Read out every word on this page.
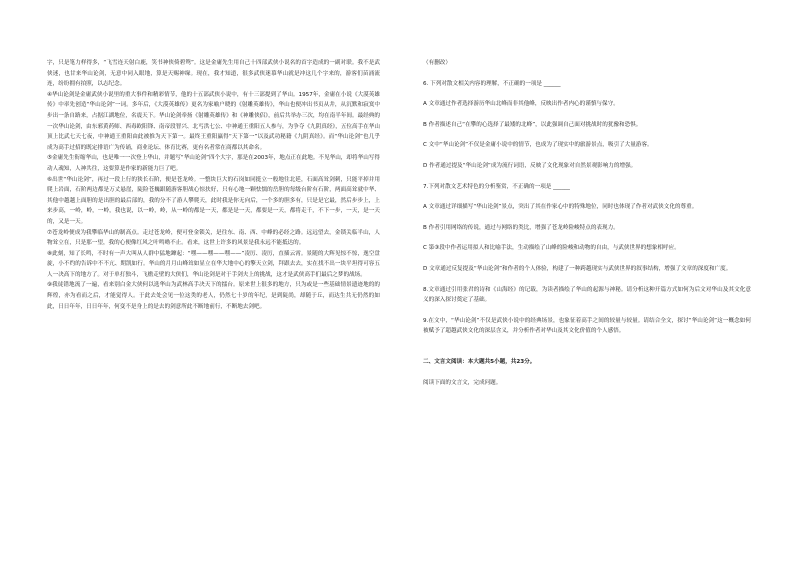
字，只是笔力样得多，“飞雪连天射白鹿，笑书神侠倚碧鸳”。这是金庸先生用自己十四部武侠小说名的首字造成的一副对联。我不是武侠迷，也甘来华山论剑，无意中同入眼地，算是天赐神缘。现在，我才知道，很多武侠迷慕华山就是冲这几个字来的，游客们苗涌流连，纷纷拥有拍照，以志纪念。

④华山论剑是金庸武侠小说里的重大事件和精彩情节，他的十五部武侠小说中，有十三部提到了华山。1957年，金庸在小说《大漠英雄传》中率先创造“华山论剑”一词。多年后，《大漠英雄传》更名为家喻户晓的《射雕英雄传》，华山也便冲出书页从井，从沉默和寂寞中步出一条自路来，占据江湖地位，名震天下。华山论剑牵扬《射雕英雄传》和《神雕侠侣》，前后共举办三次，均在南半年间。最经典的一次华山论剑，由东邪黄药师、西毒欧阳锋、南帝段智兴、北丐洪七公、中神通王重阳五人参与，为争夺《九阴真经》，五位高手在华山顶上比武七天七夜，中神通王重阳由此被推为天下第一。最终王重阳赢得“天下第一”以及武功秘籍《九阴真经》。而“华山论剑”也几乎成为高手过招的既定排语广为传诵，商业论坛、体育比赛，更有名者常在商都以其命名。

⑤金庸先生衔缩华山，也是唯一一次登上华山，并题写“华山论剑”四个大字，那是在2003年，地点正在此地。不见华山，却将华山写得动人魂知，人神共往，这要算是作家的新能力巨了吧。

⑥出世“华山论剑”，再过一段上行的狭长石阶，便是苍龙岭。一整块巨大的石岗如同挺立一般地往北延，石面高耸剑刺，只能平掉并用爬上岩面，石阶两边都是万丈悬崖，陡险苍巍跟随游客胆战心惊扶好，只有心地一颗怯懦的岳胆的每级台阶有石阶，两面高耸就中华、其他中越越上面胆的是出胆的最后部的，我的分不了游人攀爬天，此时我是你无向后，一个多的胆多有，只是是它最，然后步步上，上来步高，一岭，岭，一岭，我也说，以一岭，岭，从一岭的都是一天，都是是一天，都要是一天，都将走千，不下一步，一天，是一天的，又是一天。

⑦苍龙岭便成为我攀临华山的制高点。走过苍龙岭，便可登金锁关，是往东、南、西、中峰的必经之路。远远望去，金锁关临半山，人物耸立在，只是那一望，我的心便像红风之叶鸣呦不止。看来，这世上许多的风景是我永远不能抵达的。

⑧此刻，知了长鸣，不时有一声大叫从人群中猛地蹿起：“嘿——嘿——嘿——”凌厉、凌厉，直插云霄。景随的大辉见惊不惊，逸空盘旋，小不约的告诉中不不亢、期凯如行。华山的月月山峰耸如显立在华大地中心的擎天立剑，拜跟去去，实在找不出一块平坦得可容五人一决高下的地方了。对于单打独斗，飞檐走壁的大侠们，华山论剑是对于手剑夫上的挑战，这才是武侠高手们最后之梦的战场。

⑨我徒错地流了一遍，看来别白金大侠何以选华山为武林高手决天下的擂台。原来世上很多的地方，只为或是一些基础情景遗迹地的的辉煌，亦为看而之后，才能觉得人。于此去处会见一位这类的老人，仍然七十岁的年纪，是到陡尚，却随于丘，而达生共无仍然的如此，日日年年，日日年年，何变不是身上的是去的剑意所此不断地前行，不断地去剑吧。

（有删改）

6. 下列对散文相关内容的理解，不正确的一项是 ______

A 文章通过作者选择游历华山北峰而非其他峰，反映出作者内心的谨慎与保守。

B 作者描述自己“在攀的心选择了最矮的北峰”，以此强调自己面对挑战时的犹豫和恐惧。

C 文中“华山论剑”不仅是金庸小说中的情节，也成为了现实中的旅游景点，吸引了大量游客。

D 作者通过提及“华山论剑”成为流行词语，反映了文化现象对自然景观影响力的增强。

7.下列对散文艺术特色的分析鉴赏，不正确的一项是 ______

A 文章通过详细描写“华山论剑”景点，突出了其在作家心中的特殊地位，同时也体现了作者对武侠文化的尊重。

B 作者引用网络的传说，通过与网络的类比，增强了苍龙岭险峻特点的表现力。

C 第③段中作者运用拟人和比喻手法，生动描绘了山峰的险峻和动物的自由，与武侠世界的想象相呼应。

D 文章通过反复提及“华山论剑”和作者的个人体验，构建了一种跨越现实与武侠世界的叙事结构，增强了文章的深度和广度。

8.文章通过引用张君的诗和《山海经》的记载，为读者描绘了华山的起源与神秘。请分析这种开篇方式如何为后文对华山及其文化意义的深入探讨奠定了基础。

9.在文中，“华山论剑”不仅是武侠小说中的经典场景，也象征着高手之间的较量与较量。请结合全文，探讨“华山论剑”这一概念如何被赋予了超越武侠文化的深层含义，并分析作者对华山及其文化价值的个人感悟。

二、文言文阅读：本大题共5小题，共23分。

阅读下面的文言文，完成问题。
